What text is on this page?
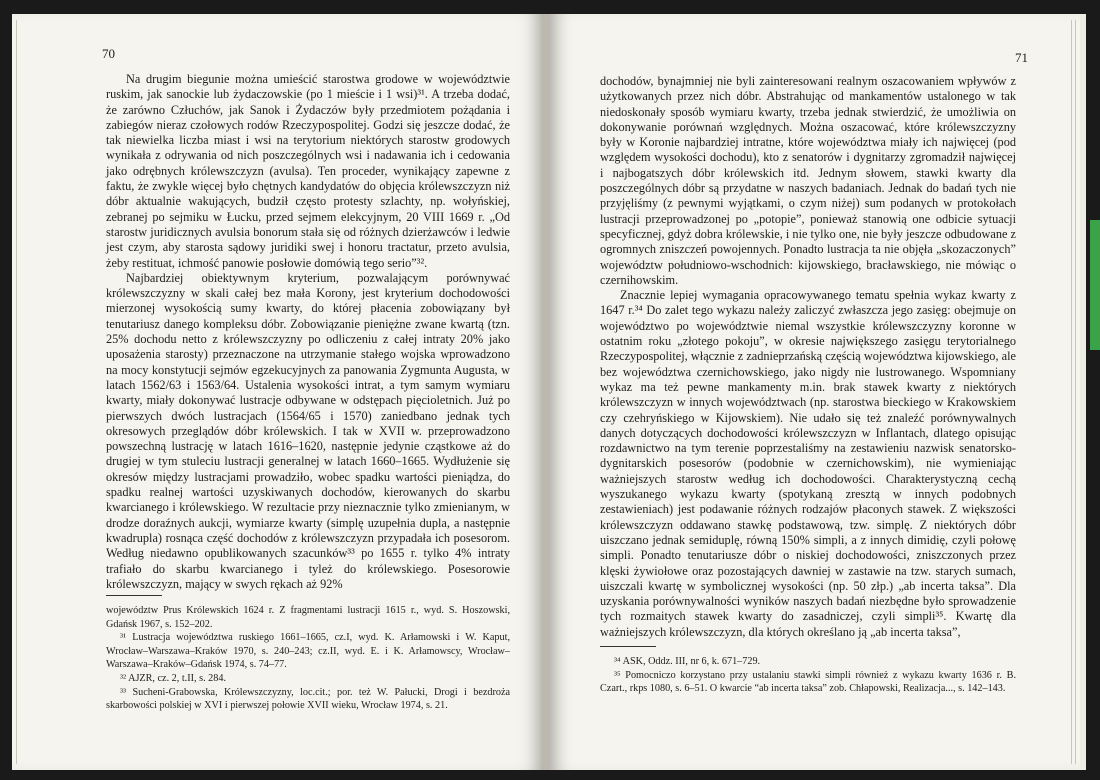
70

Na drugim biegunie można umieścić starostwa grodowe w województwie ruskim, jak sanockie lub żydaczowskie (po 1 mieście i 1 wsi)³¹. A trzeba dodać, że zarówno Człuchów, jak Sanok i Żydaczów były przedmiotem pożądania i zabiegów nieraz czołowych rodów Rzeczypospolitej. Godzi się jeszcze dodać, że tak niewielka liczba miast i wsi na terytorium niektórych starostw grodowych wynikała z odrywania od nich poszczególnych wsi i nadawania ich i cedowania jako odrębnych królewszczyzn (avulsa). Ten proceder, wynikający zapewne z faktu, że zwykle więcej było chętnych kandydatów do objęcia królewszczyzn niż dóbr aktualnie wakujących, budził często protesty szlachty, np. wołyńskiej, zebranej po sejmiku w Łucku, przed sejmem elekcyjnym, 20 VIII 1669 r. „Od starostw juridicznych avulsia bonorum stała się od różnych dzierżawców i ledwie jest czym, aby starosta sądowy juridiki swej i honoru tractatur, przeto avulsia, żeby restituat, ichmość panowie posłowie domówią tego serio”³².

Najbardziej obiektywnym kryterium, pozwalającym porównywać królewszczyzny w skali całej bez mała Korony, jest kryterium dochodowości mierzonej wysokością sumy kwarty, do której płacenia zobowiązany był tenutariusz danego kompleksu dóbr. Zobowiązanie pieniężne zwane kwartą (tzn. 25% dochodu netto z królewszczyzny po odliczeniu z całej intraty 20% jako uposażenia starosty) przeznaczone na utrzymanie stałego wojska wprowadzono na mocy konstytucji sejmów egzekucyjnych za panowania Zygmunta Augusta, w latach 1562/63 i 1563/64. Ustalenia wysokości intrat, a tym samym wymiaru kwarty, miały dokonywać lustracje odbywane w odstępach pięcioletnich. Już po pierwszych dwóch lustracjach (1564/65 i 1570) zaniedbano jednak tych okresowych przeglądów dóbr królewskich. I tak w XVII w. przeprowadzono powszechną lustrację w latach 1616–1620, następnie jedynie cząstkowe aż do drugiej w tym stuleciu lustracji generalnej w latach 1660–1665. Wydłużenie się okresów między lustracjami prowadziło, wobec spadku wartości pieniądza, do spadku realnej wartości uzyskiwanych dochodów, kierowanych do skarbu kwarcianego i królewskiego. W rezultacie przy nieznacznie tylko zmienianym, w drodze doraźnych aukcji, wymiarze kwarty (simplę uzupełnia dupla, a następnie kwadrupla) rosnąca część dochodów z królewszczyzn przypadała ich posesorom. Według niedawno opublikowanych szacunków³³ po 1655 r. tylko 4% intraty trafiało do skarbu kwarcianego i tyleż do królewskiego. Posesorowie królewszczyzn, mający w swych rękach aż 92%

województw Prus Królewskich 1624 r. Z fragmentami lustracji 1615 r., wyd. S. Hoszowski, Gdańsk 1967, s. 152–202.

³¹ Lustracja województwa ruskiego 1661–1665, cz.I, wyd. K. Arłamowski i W. Kaput, Wrocław–Warszawa–Kraków 1970, s. 240–243; cz.II, wyd. E. i K. Arłamowscy, Wrocław–Warszawa–Kraków–Gdańsk 1974, s. 74–77.

³² AJZR, cz. 2, t.II, s. 284.

³³ Sucheni-Grabowska, Królewszczyzny, loc.cit.; por. też W. Pałucki, Drogi i bezdroża skarbowości polskiej w XVI i pierwszej połowie XVII wieku, Wrocław 1974, s. 21.

71

dochodów, bynajmniej nie byli zainteresowani realnym oszacowaniem wpływów z użytkowanych przez nich dóbr. Abstrahując od mankamentów ustalonego w tak niedoskonały sposób wymiaru kwarty, trzeba jednak stwierdzić, że umożliwia on dokonywanie porównań względnych. Można oszacować, które królewszczyzny były w Koronie najbardziej intratne, które województwa miały ich najwięcej (pod względem wysokości dochodu), kto z senatorów i dygnitarzy zgromadził najwięcej i najbogatszych dóbr królewskich itd. Jednym słowem, stawki kwarty dla poszczególnych dóbr są przydatne w naszych badaniach. Jednak do badań tych nie przyjęliśmy (z pewnymi wyjątkami, o czym niżej) sum podanych w protokołach lustracji przeprowadzonej po „potopie”, ponieważ stanowią one odbicie sytuacji specyficznej, gdyż dobra królewskie, i nie tylko one, nie były jeszcze odbudowane z ogromnych zniszczeń powojennych. Ponadto lustracja ta nie objęła „skozaczonych” województw południowo-wschodnich: kijowskiego, bracławskiego, nie mówiąc o czernihowskim.

Znacznie lepiej wymagania opracowywanego tematu spełnia wykaz kwarty z 1647 r.³⁴ Do zalet tego wykazu należy zaliczyć zwłaszcza jego zasięg: obejmuje on województwo po województwie niemal wszystkie królewszczyzny koronne w ostatnim roku „złotego pokoju”, w okresie największego zasięgu terytorialnego Rzeczypospolitej, włącznie z zadnieprzańską częścią województwa kijowskiego, ale bez województwa czernichowskiego, jako nigdy nie lustrowanego. Wspomniany wykaz ma też pewne mankamenty m.in. brak stawek kwarty z niektórych królewszczyzn w innych województwach (np. starostwa bieckiego w Krakowskiem czy czehryńskiego w Kijowskiem). Nie udało się też znaleźć porównywalnych danych dotyczących dochodowości królewszczyzn w Inflantach, dlatego opisując rozdawnictwo na tym terenie poprzestaliśmy na zestawieniu nazwisk senatorsko-dygnitarskich posesorów (podobnie w czernichowskim), nie wymieniając ważniejszych starostw według ich dochodowości. Charakterystyczną cechą wyszukanego wykazu kwarty (spotykaną zresztą w innych podobnych zestawieniach) jest podawanie różnych rodzajów płaconych stawek. Z większości królewszczyzn oddawano stawkę podstawową, tzw. simplę. Z niektórych dóbr uiszczano jednak semiduplę, równą 150% simpli, a z innych dimidię, czyli połowę simpli. Ponadto tenutariusze dóbr o niskiej dochodowości, zniszczonych przez klęski żywiołowe oraz pozostających dawniej w zastawie na tzw. starych sumach, uiszczali kwartę w symbolicznej wysokości (np. 50 złp.) „ab incerta taksa”. Dla uzyskania porównywalności wyników naszych badań niezbędne było sprowadzenie tych rozmaitych stawek kwarty do zasadniczej, czyli simpli³⁵. Kwartę dla ważniejszych królewszczyzn, dla których określano ją „ab incerta taksa”,

³⁴ ASK, Oddz. III, nr 6, k. 671–729.

³⁵ Pomocniczo korzystano przy ustalaniu stawki simpli również z wykazu kwarty 1636 r. B. Czart., rkps 1080, s. 6–51. O kwarcie “ab incerta taksa” zob. Chłapowski, Realizacja..., s. 142–143.
